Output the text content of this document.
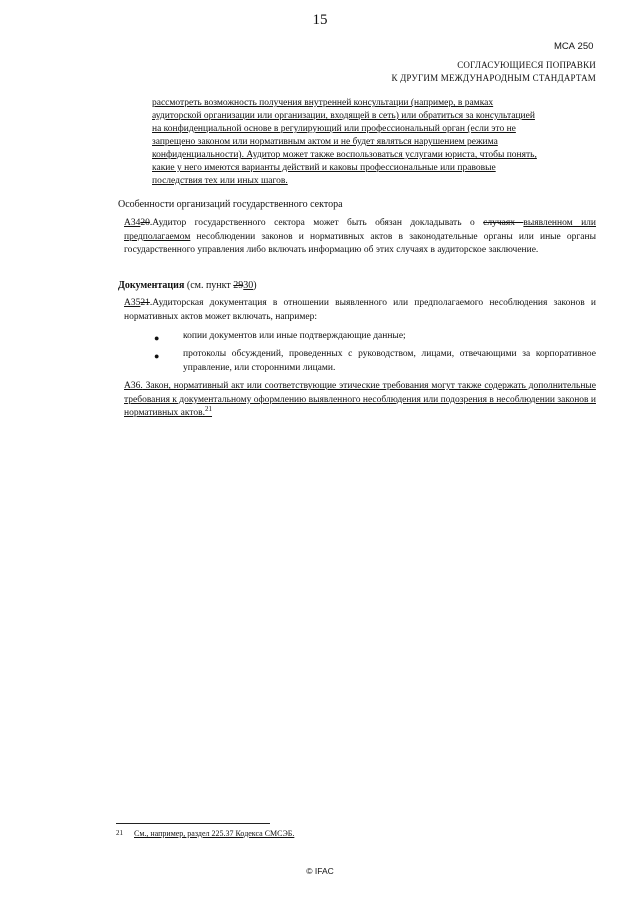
15
МСА 250
СОГЛАСУЮЩИЕСЯ ПОПРАВКИ
К ДРУГИМ МЕЖДУНАРОДНЫМ СТАНДАРТАМ
рассмотреть возможность получения внутренней консультации (например, в рамках
аудиторской организации или организации, входящей в сеть) или обратиться за консультацией
на конфиденциальной основе в регулирующий или профессиональный орган (если это не
запрещено законом или нормативным актом и не будет являться нарушением режима
конфиденциальности). Аудитор может также воспользоваться услугами юриста, чтобы понять,
какие у него имеются варианты действий и каковы профессиональные или правовые
последствия тех или иных шагов.
Особенности организаций государственного сектора
А3420.Аудитор государственного сектора может быть обязан докладывать о случаях выявленном или предполагаемом несоблюдении законов и нормативных актов в законодательные органы или иные органы государственного управления либо включать информацию об этих случаях в аудиторское заключение.
Документация (см. пункт 2930)
А3521.Аудиторская документация в отношении выявленного или предполагаемого несоблюдения законов и нормативных актов может включать, например:
● копии документов или иные подтверждающие данные;
● протоколы обсуждений, проведенных с руководством, лицами, отвечающими за корпоративное управление, или сторонними лицами.
А36. Закон, нормативный акт или соответствующие этические требования могут также содержать дополнительные требования к документальному оформлению выявленного несоблюдения или подозрения в несоблюдении законов и нормативных актов.$^{21}$
21 См., например, раздел 225.37 Кодекса СМСЭБ.
© IFAC
